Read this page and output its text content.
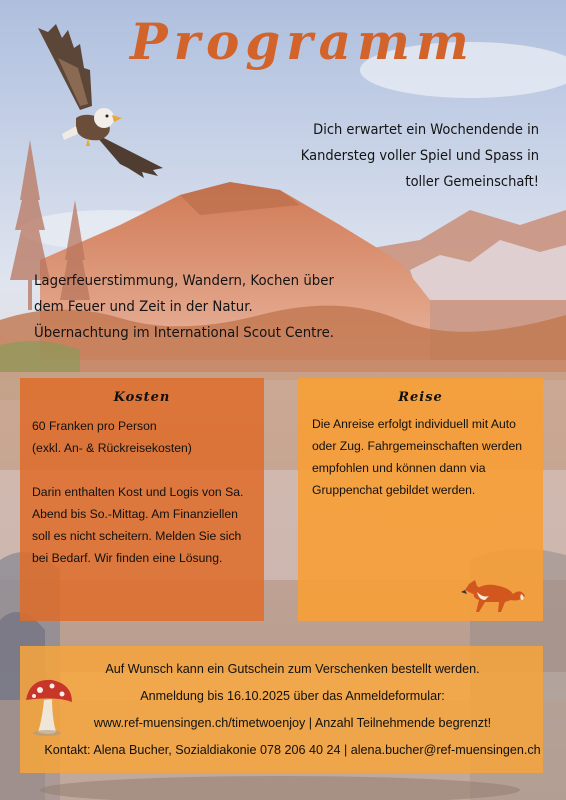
Programm
Dich erwartet ein Wochendende in
Kandersteg voller Spiel und Spass in
toller Gemeinschaft!
Lagerfeuerstimmung, Wandern, Kochen über
dem Feuer und Zeit in der Natur.
Übernachtung im International Scout Centre.
Kosten
60 Franken pro Person
(exkl. An- & Rückreisekosten)
Darin enthalten Kost und Logis von Sa.
Abend bis So.-Mittag. Am Finanziellen
soll es nicht scheitern. Melden Sie sich
bei Bedarf. Wir finden eine Lösung.
Reise
Die Anreise erfolgt individuell mit Auto
oder Zug. Fahrgemeinschaften werden
empfohlen und können dann via
Gruppenchat gebildet werden.
Auf Wunsch kann ein Gutschein zum Verschenken bestellt werden.
Anmeldung bis 16.10.2025 über das Anmeldeformular:
www.ref-muensingen.ch/timetwoenjoy | Anzahl Teilnehmende begrenzt!
Kontakt: Alena Bucher, Sozialdiakonie 078 206 40 24 | alena.bucher@ref-muensingen.ch
